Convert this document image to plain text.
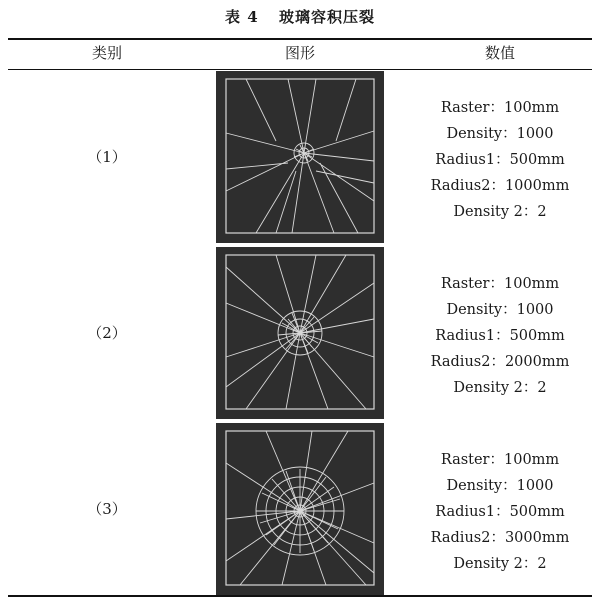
表 4 玻璃容积压裂
类别	图形	数值
（1）
Raster：100mm
Density：1000
Radius1：500mm
Radius2：1000mm
Density 2：2
（2）
Raster：100mm
Density：1000
Radius1：500mm
Radius2：2000mm
Density 2：2
（3）
Raster：100mm
Density：1000
Radius1：500mm
Radius2：3000mm
Density 2：2
